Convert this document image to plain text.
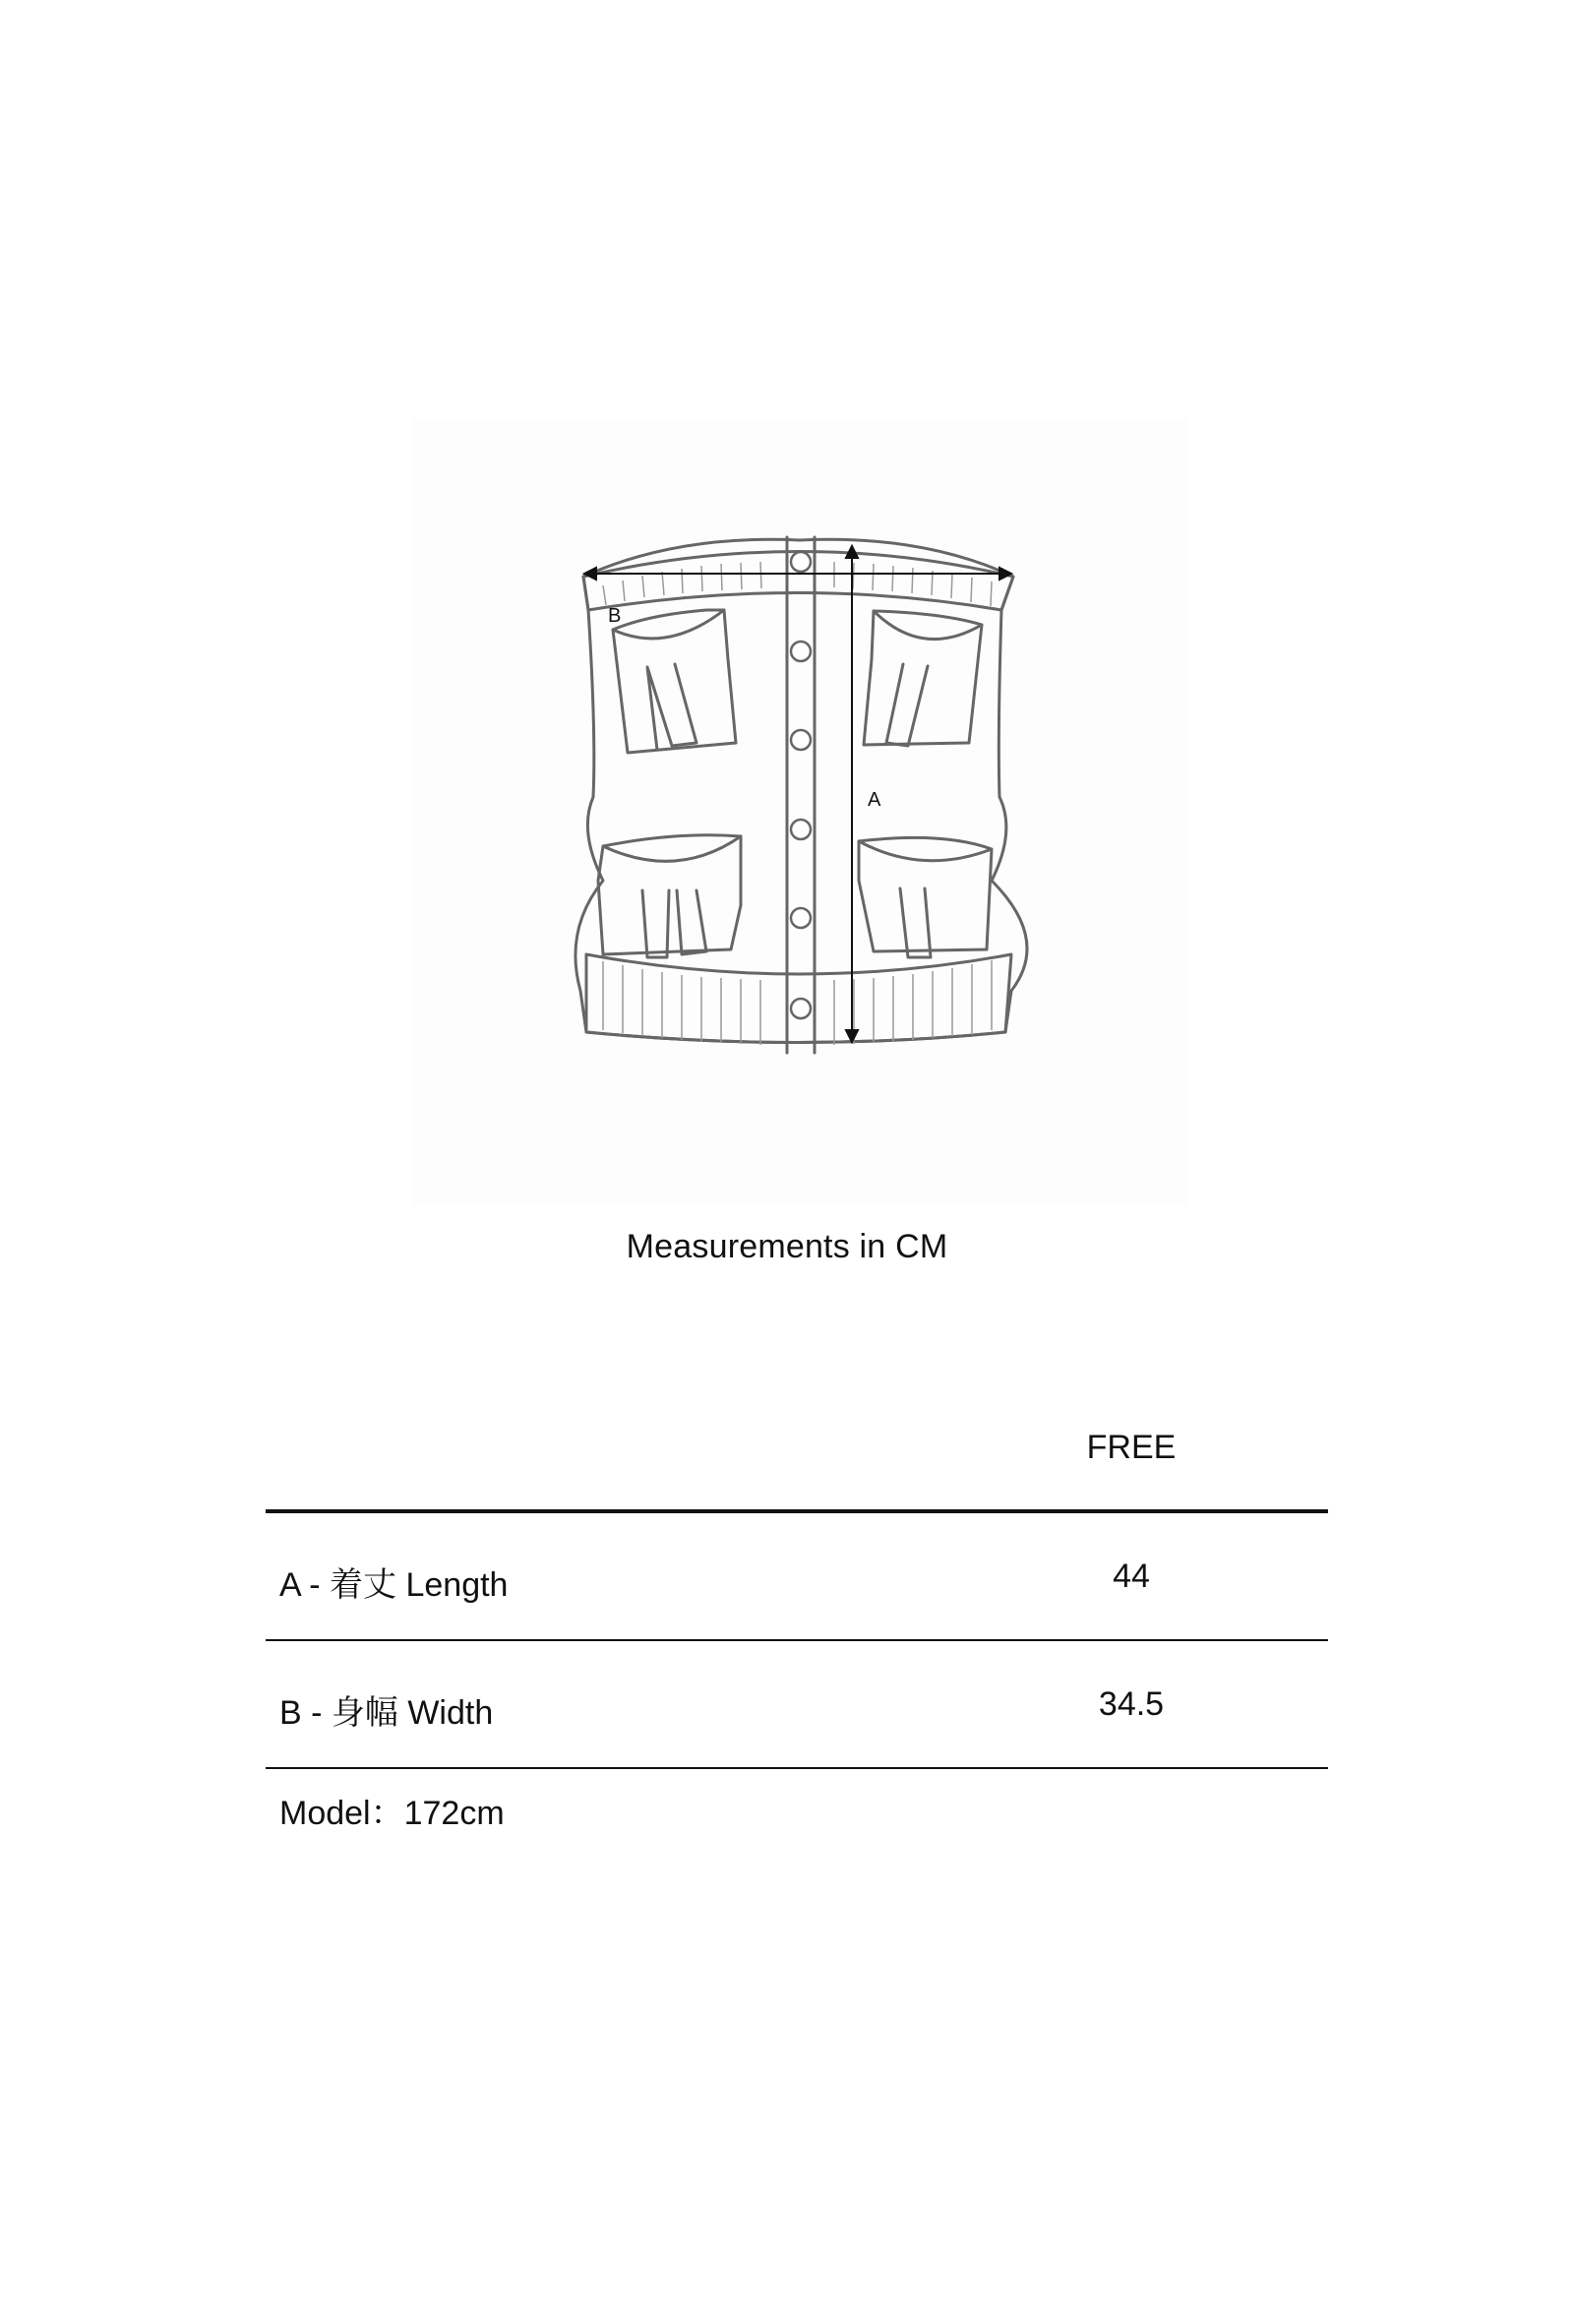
B
A
Measurements in CM
FREE
A - 着丈 Length	44
B - 身幅 Width	34.5
Model：172cm
